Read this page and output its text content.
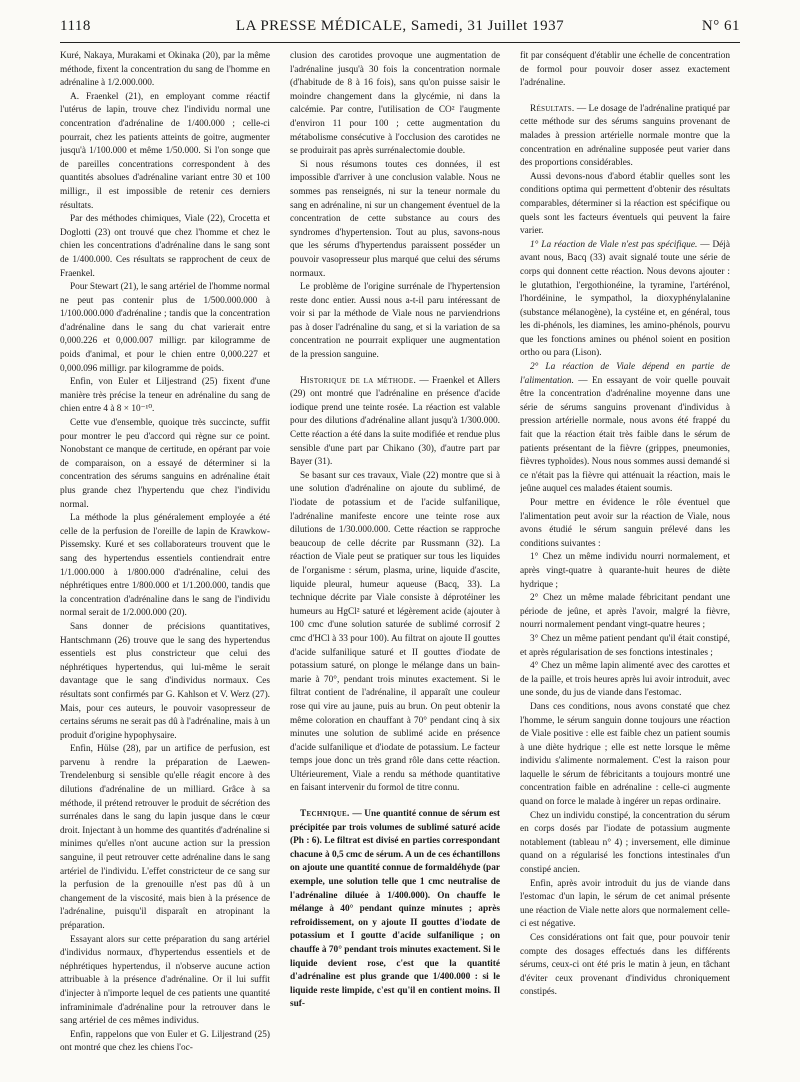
1118	LA PRESSE MÉDICALE, Samedi, 31 Juillet 1937	N° 61

Kuré, Nakaya, Murakami et Okinaka (20), par la même méthode, fixent la concentration du sang de l'homme en adrénaline à 1/2.000.000.

A. Fraenkel (21), en employant comme réactif l'utérus de lapin, trouve chez l'individu normal une concentration d'adrénaline de 1/400.000 ; celle-ci pourrait, chez les patients atteints de goitre, augmenter jusqu'à 1/100.000 et même 1/50.000. Si l'on songe que de pareilles concentrations correspondent à des quantités absolues d'adrénaline variant entre 30 et 100 milligr., il est impossible de retenir ces derniers résultats.

Par des méthodes chimiques, Viale (22), Crocetta et Doglotti (23) ont trouvé que chez l'homme et chez le chien les concentrations d'adrénaline dans le sang sont de 1/400.000. Ces résultats se rapprochent de ceux de Fraenkel.

Pour Stewart (21), le sang artériel de l'homme normal ne peut pas contenir plus de 1/500.000.000 à 1/100.000.000 d'adrénaline ; tandis que la concentration d'adrénaline dans le sang du chat varierait entre 0,000.226 et 0,000.007 milligr. par kilogramme de poids d'animal, et pour le chien entre 0,000.227 et 0,000.096 milligr. par kilogramme de poids.

Enfin, von Euler et Liljestrand (25) fixent d'une manière très précise la teneur en adrénaline du sang de chien entre 4 à 8 × 10⁻¹⁰.

Cette vue d'ensemble, quoique très succincte, suffit pour montrer le peu d'accord qui règne sur ce point. Nonobstant ce manque de certitude, en opérant par voie de comparaison, on a essayé de déterminer si la concentration des sérums sanguins en adrénaline était plus grande chez l'hypertendu que chez l'individu normal.

La méthode la plus généralement employée a été celle de la perfusion de l'oreille de lapin de Krawkow-Pissemsky. Kuré et ses collaborateurs trouvent que le sang des hypertendus essentiels contiendrait entre 1/1.000.000 à 1/800.000 d'adrénaline, celui des néphrétiques entre 1/800.000 et 1/1.200.000, tandis que la concentration d'adrénaline dans le sang de l'individu normal serait de 1/2.000.000 (20).

Sans donner de précisions quantitatives, Hantschmann (26) trouve que le sang des hypertendus essentiels est plus constricteur que celui des néphrétiques hypertendus, qui lui-même le serait davantage que le sang d'individus normaux. Ces résultats sont confirmés par G. Kahlson et V. Werz (27). Mais, pour ces auteurs, le pouvoir vasopresseur de certains sérums ne serait pas dû à l'adrénaline, mais à un produit d'origine hypophysaire.

Enfin, Hülse (28), par un artifice de perfusion, est parvenu à rendre la préparation de Laewen-Trendelenburg si sensible qu'elle réagit encore à des dilutions d'adrénaline de un milliard. Grâce à sa méthode, il prétend retrouver le produit de sécrétion des surrénales dans le sang du lapin jusque dans le cœur droit. Injectant à un homme des quantités d'adrénaline si minimes qu'elles n'ont aucune action sur la pression sanguine, il peut retrouver cette adrénaline dans le sang artériel de l'individu. L'effet constricteur de ce sang sur la perfusion de la grenouille n'est pas dû à un changement de la viscosité, mais bien à la présence de l'adrénaline, puisqu'il disparaît en atropinant la préparation.

Essayant alors sur cette préparation du sang artériel d'individus normaux, d'hypertendus essentiels et de néphrétiques hypertendus, il n'observe aucune action attribuable à la présence d'adrénaline. Or il lui suffit d'injecter à n'importe lequel de ces patients une quantité inframinimale d'adrénaline pour la retrouver dans le sang artériel de ces mêmes individus.

Enfin, rappelons que von Euler et G. Liljestrand (25) ont montré que chez les chiens l'oc-

clusion des carotides provoque une augmentation de l'adrénaline jusqu'à 30 fois la concentration normale (d'habitude de 8 à 16 fois), sans qu'on puisse saisir le moindre changement dans la glycémie, ni dans la calcémie. Par contre, l'utilisation de CO² l'augmente d'environ 11 pour 100 ; cette augmentation du métabolisme consécutive à l'occlusion des carotides ne se produirait pas après surrénalectomie double.

Si nous résumons toutes ces données, il est impossible d'arriver à une conclusion valable. Nous ne sommes pas renseignés, ni sur la teneur normale du sang en adrénaline, ni sur un changement éventuel de la concentration de cette substance au cours des syndromes d'hypertension. Tout au plus, savons-nous que les sérums d'hypertendus paraissent posséder un pouvoir vasopresseur plus marqué que celui des sérums normaux.

Le problème de l'origine surrénale de l'hypertension reste donc entier. Aussi nous a-t-il paru intéressant de voir si par la méthode de Viale nous ne parviendrions pas à doser l'adrénaline du sang, et si la variation de sa concentration ne pourrait expliquer une augmentation de la pression sanguine.

Historique de la méthode. — Fraenkel et Allers (29) ont montré que l'adrénaline en présence d'acide iodique prend une teinte rosée. La réaction est valable pour des dilutions d'adrénaline allant jusqu'à 1/300.000. Cette réaction a été dans la suite modifiée et rendue plus sensible d'une part par Chikano (30), d'autre part par Bayer (31).

Se basant sur ces travaux, Viale (22) montre que si à une solution d'adrénaline on ajoute du sublimé, de l'iodate de potassium et de l'acide sulfanilique, l'adrénaline manifeste encore une teinte rose aux dilutions de 1/30.000.000. Cette réaction se rapproche beaucoup de celle décrite par Russmann (32). La réaction de Viale peut se pratiquer sur tous les liquides de l'organisme : sérum, plasma, urine, liquide d'ascite, liquide pleural, humeur aqueuse (Bacq, 33). La technique décrite par Viale consiste à déprotéiner les humeurs au HgCl² saturé et légèrement acide (ajouter à 100 cmc d'une solution saturée de sublimé corrosif 2 cmc d'HCl à 33 pour 100). Au filtrat on ajoute II gouttes d'acide sulfanilique saturé et II gouttes d'iodate de potassium saturé, on plonge le mélange dans un bain-marie à 70°, pendant trois minutes exactement. Si le filtrat contient de l'adrénaline, il apparaît une couleur rose qui vire au jaune, puis au brun. On peut obtenir la même coloration en chauffant à 70° pendant cinq à six minutes une solution de sublimé acide en présence d'acide sulfanilique et d'iodate de potassium. Le facteur temps joue donc un très grand rôle dans cette réaction. Ultérieurement, Viale a rendu sa méthode quantitative en faisant intervenir du formol de titre connu.

Technique. — Une quantité connue de sérum est précipitée par trois volumes de sublimé saturé acide (Ph : 6). Le filtrat est divisé en parties correspondant chacune à 0,5 cmc de sérum. A un de ces échantillons on ajoute une quantité connue de formaldéhyde (par exemple, une solution telle que 1 cmc neutralise de l'adrénaline diluée à 1/400.000). On chauffe le mélange à 40° pendant quinze minutes ; après refroidissement, on y ajoute II gouttes d'iodate de potassium et I goutte d'acide sulfanilique ; on chauffe à 70° pendant trois minutes exactement. Si le liquide devient rose, c'est que la quantité d'adrénaline est plus grande que 1/400.000 : si le liquide reste limpide, c'est qu'il en contient moins. Il suf-

fit par conséquent d'établir une échelle de concentration de formol pour pouvoir doser assez exactement l'adrénaline.

Résultats. — Le dosage de l'adrénaline pratiqué par cette méthode sur des sérums sanguins provenant de malades à pression artérielle normale montre que la concentration en adrénaline supposée peut varier dans des proportions considérables.

Aussi devons-nous d'abord établir quelles sont les conditions optima qui permettent d'obtenir des résultats comparables, déterminer si la réaction est spécifique ou quels sont les facteurs éventuels qui peuvent la faire varier.

1° La réaction de Viale n'est pas spécifique. — Déjà avant nous, Bacq (33) avait signalé toute une série de corps qui donnent cette réaction. Nous devons ajouter : le glutathion, l'ergothionéine, la tyramine, l'artérénol, l'hordéinine, le sympathol, la dioxyphénylalanine (substance mélanogène), la cystéine et, en général, tous les di-phénols, les diamines, les amino-phénols, pourvu que les fonctions amines ou phénol soient en position ortho ou para (Lison).

2° La réaction de Viale dépend en partie de l'alimentation. — En essayant de voir quelle pouvait être la concentration d'adrénaline moyenne dans une série de sérums sanguins provenant d'individus à pression artérielle normale, nous avons été frappé du fait que la réaction était très faible dans le sérum de patients présentant de la fièvre (grippes, pneumonies, fièvres typhoïdes). Nous nous sommes aussi demandé si ce n'était pas la fièvre qui atténuait la réaction, mais le jeûne auquel ces malades étaient soumis.

Pour mettre en évidence le rôle éventuel que l'alimentation peut avoir sur la réaction de Viale, nous avons étudié le sérum sanguin prélevé dans les conditions suivantes :

1° Chez un même individu nourri normalement, et après vingt-quatre à quarante-huit heures de diète hydrique ;

2° Chez un même malade fébricitant pendant une période de jeûne, et après l'avoir, malgré la fièvre, nourri normalement pendant vingt-quatre heures ;

3° Chez un même patient pendant qu'il était constipé, et après régularisation de ses fonctions intestinales ;

4° Chez un même lapin alimenté avec des carottes et de la paille, et trois heures après lui avoir introduit, avec une sonde, du jus de viande dans l'estomac.

Dans ces conditions, nous avons constaté que chez l'homme, le sérum sanguin donne toujours une réaction de Viale positive : elle est faible chez un patient soumis à une diète hydrique ; elle est nette lorsque le même individu s'alimente normalement. C'est la raison pour laquelle le sérum de fébricitants a toujours montré une concentration faible en adrénaline : celle-ci augmente quand on force le malade à ingérer un repas ordinaire.

Chez un individu constipé, la concentration du sérum en corps dosés par l'iodate de potassium augmente notablement (tableau n° 4) ; inversement, elle diminue quand on a régularisé les fonctions intestinales d'un constipé ancien.

Enfin, après avoir introduit du jus de viande dans l'estomac d'un lapin, le sérum de cet animal présente une réaction de Viale nette alors que normalement celle-ci est négative.

Ces considérations ont fait que, pour pouvoir tenir compte des dosages effectués dans les différents sérums, ceux-ci ont été pris le matin à jeun, en tâchant d'éviter ceux provenant d'individus chroniquement constipés.
